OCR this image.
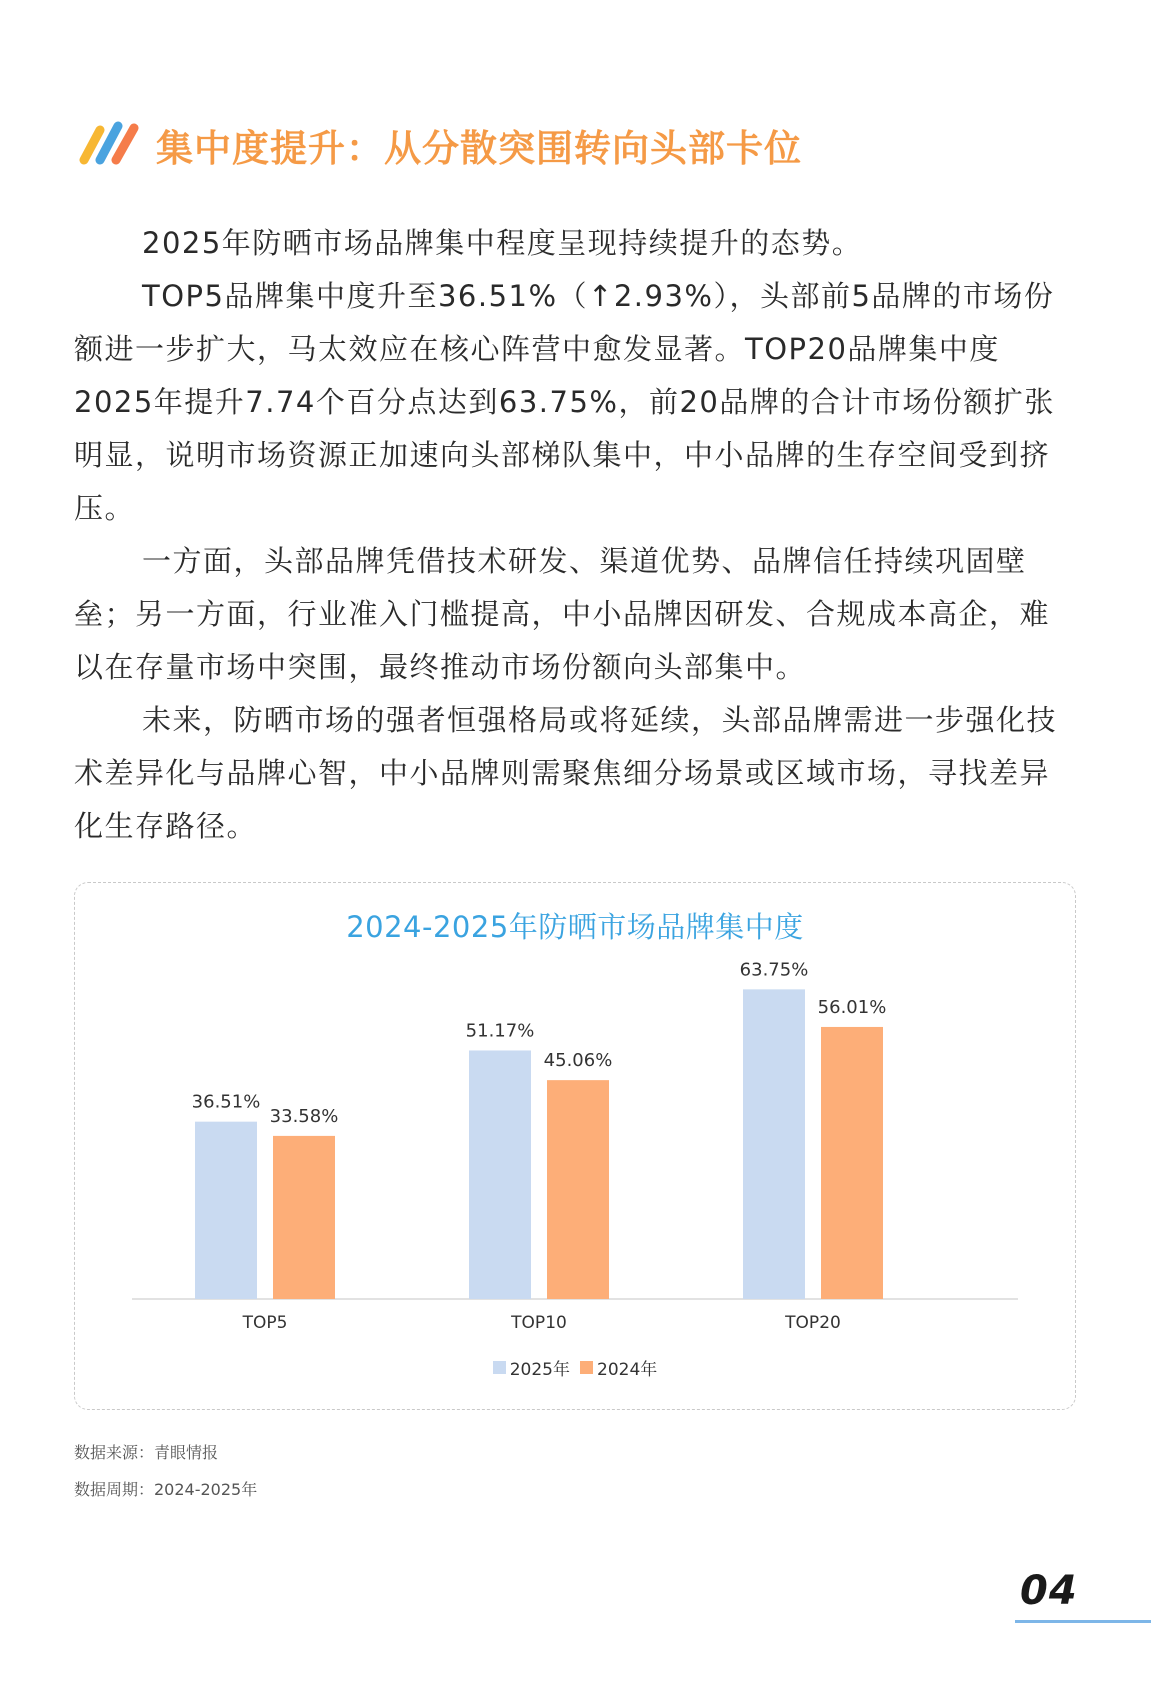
集中度提升：从分散突围转向头部卡位

2025年防晒市场品牌集中程度呈现持续提升的态势。

TOP5品牌集中度升至36.51%（↑2.93%），头部前5品牌的市场份额进一步扩大，马太效应在核心阵营中愈发显著。TOP20品牌集中度2025年提升7.74个百分点达到63.75%，前20品牌的合计市场份额扩张明显，说明市场资源正加速向头部梯队集中，中小品牌的生存空间受到挤压。

一方面，头部品牌凭借技术研发、渠道优势、品牌信任持续巩固壁垒；另一方面，行业准入门槛提高，中小品牌因研发、合规成本高企，难以在存量市场中突围，最终推动市场份额向头部集中。

未来，防晒市场的强者恒强格局或将延续，头部品牌需进一步强化技术差异化与品牌心智，中小品牌则需聚焦细分场景或区域市场，寻找差异化生存路径。

2024-2025年防晒市场品牌集中度
36.51%
33.58%
TOP5
51.17%
45.06%
TOP10
63.75%
56.01%
TOP20
2025年 2024年
数据来源：青眼情报
数据周期：2024-2025年
04
